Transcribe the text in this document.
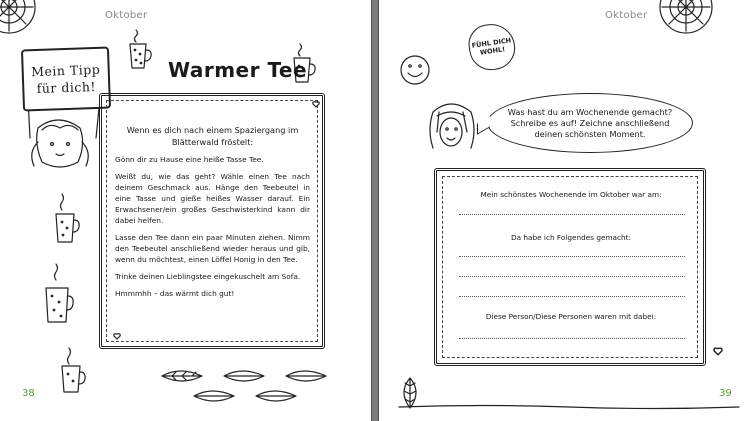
Oktober
Mein Tipp
für dich!
Warmer Tee
Wenn es dich nach einem Spaziergang im Blätterwald fröstelt:

Gönn dir zu Hause eine heiße Tasse Tee.

Weißt du, wie das geht? Wähle einen Tee nach deinem Geschmack aus. Hänge den Teebeutel in eine Tasse und gieße heißes Wasser darauf. Ein Erwachsener/ein großes Geschwisterkind kann dir dabei helfen.

Lasse den Tee dann ein paar Minuten ziehen. Nimm den Teebeutel anschließend wieder heraus und gib, wenn du möchtest, einen Löffel Honig in den Tee.

Trinke deinen Lieblingstee eingekuschelt am Sofa.

Hmmmhh – das wärmt dich gut!

38
Oktober
FÜHL DICH WOHL!
Was hast du am Wochenende gemacht? Schreibe es auf! Zeichne anschließend deinen schönsten Moment.
Mein schönstes Wochenende im Oktober war am:
Da habe ich Folgendes gemacht:
Diese Person/Diese Personen waren mit dabei:
39
